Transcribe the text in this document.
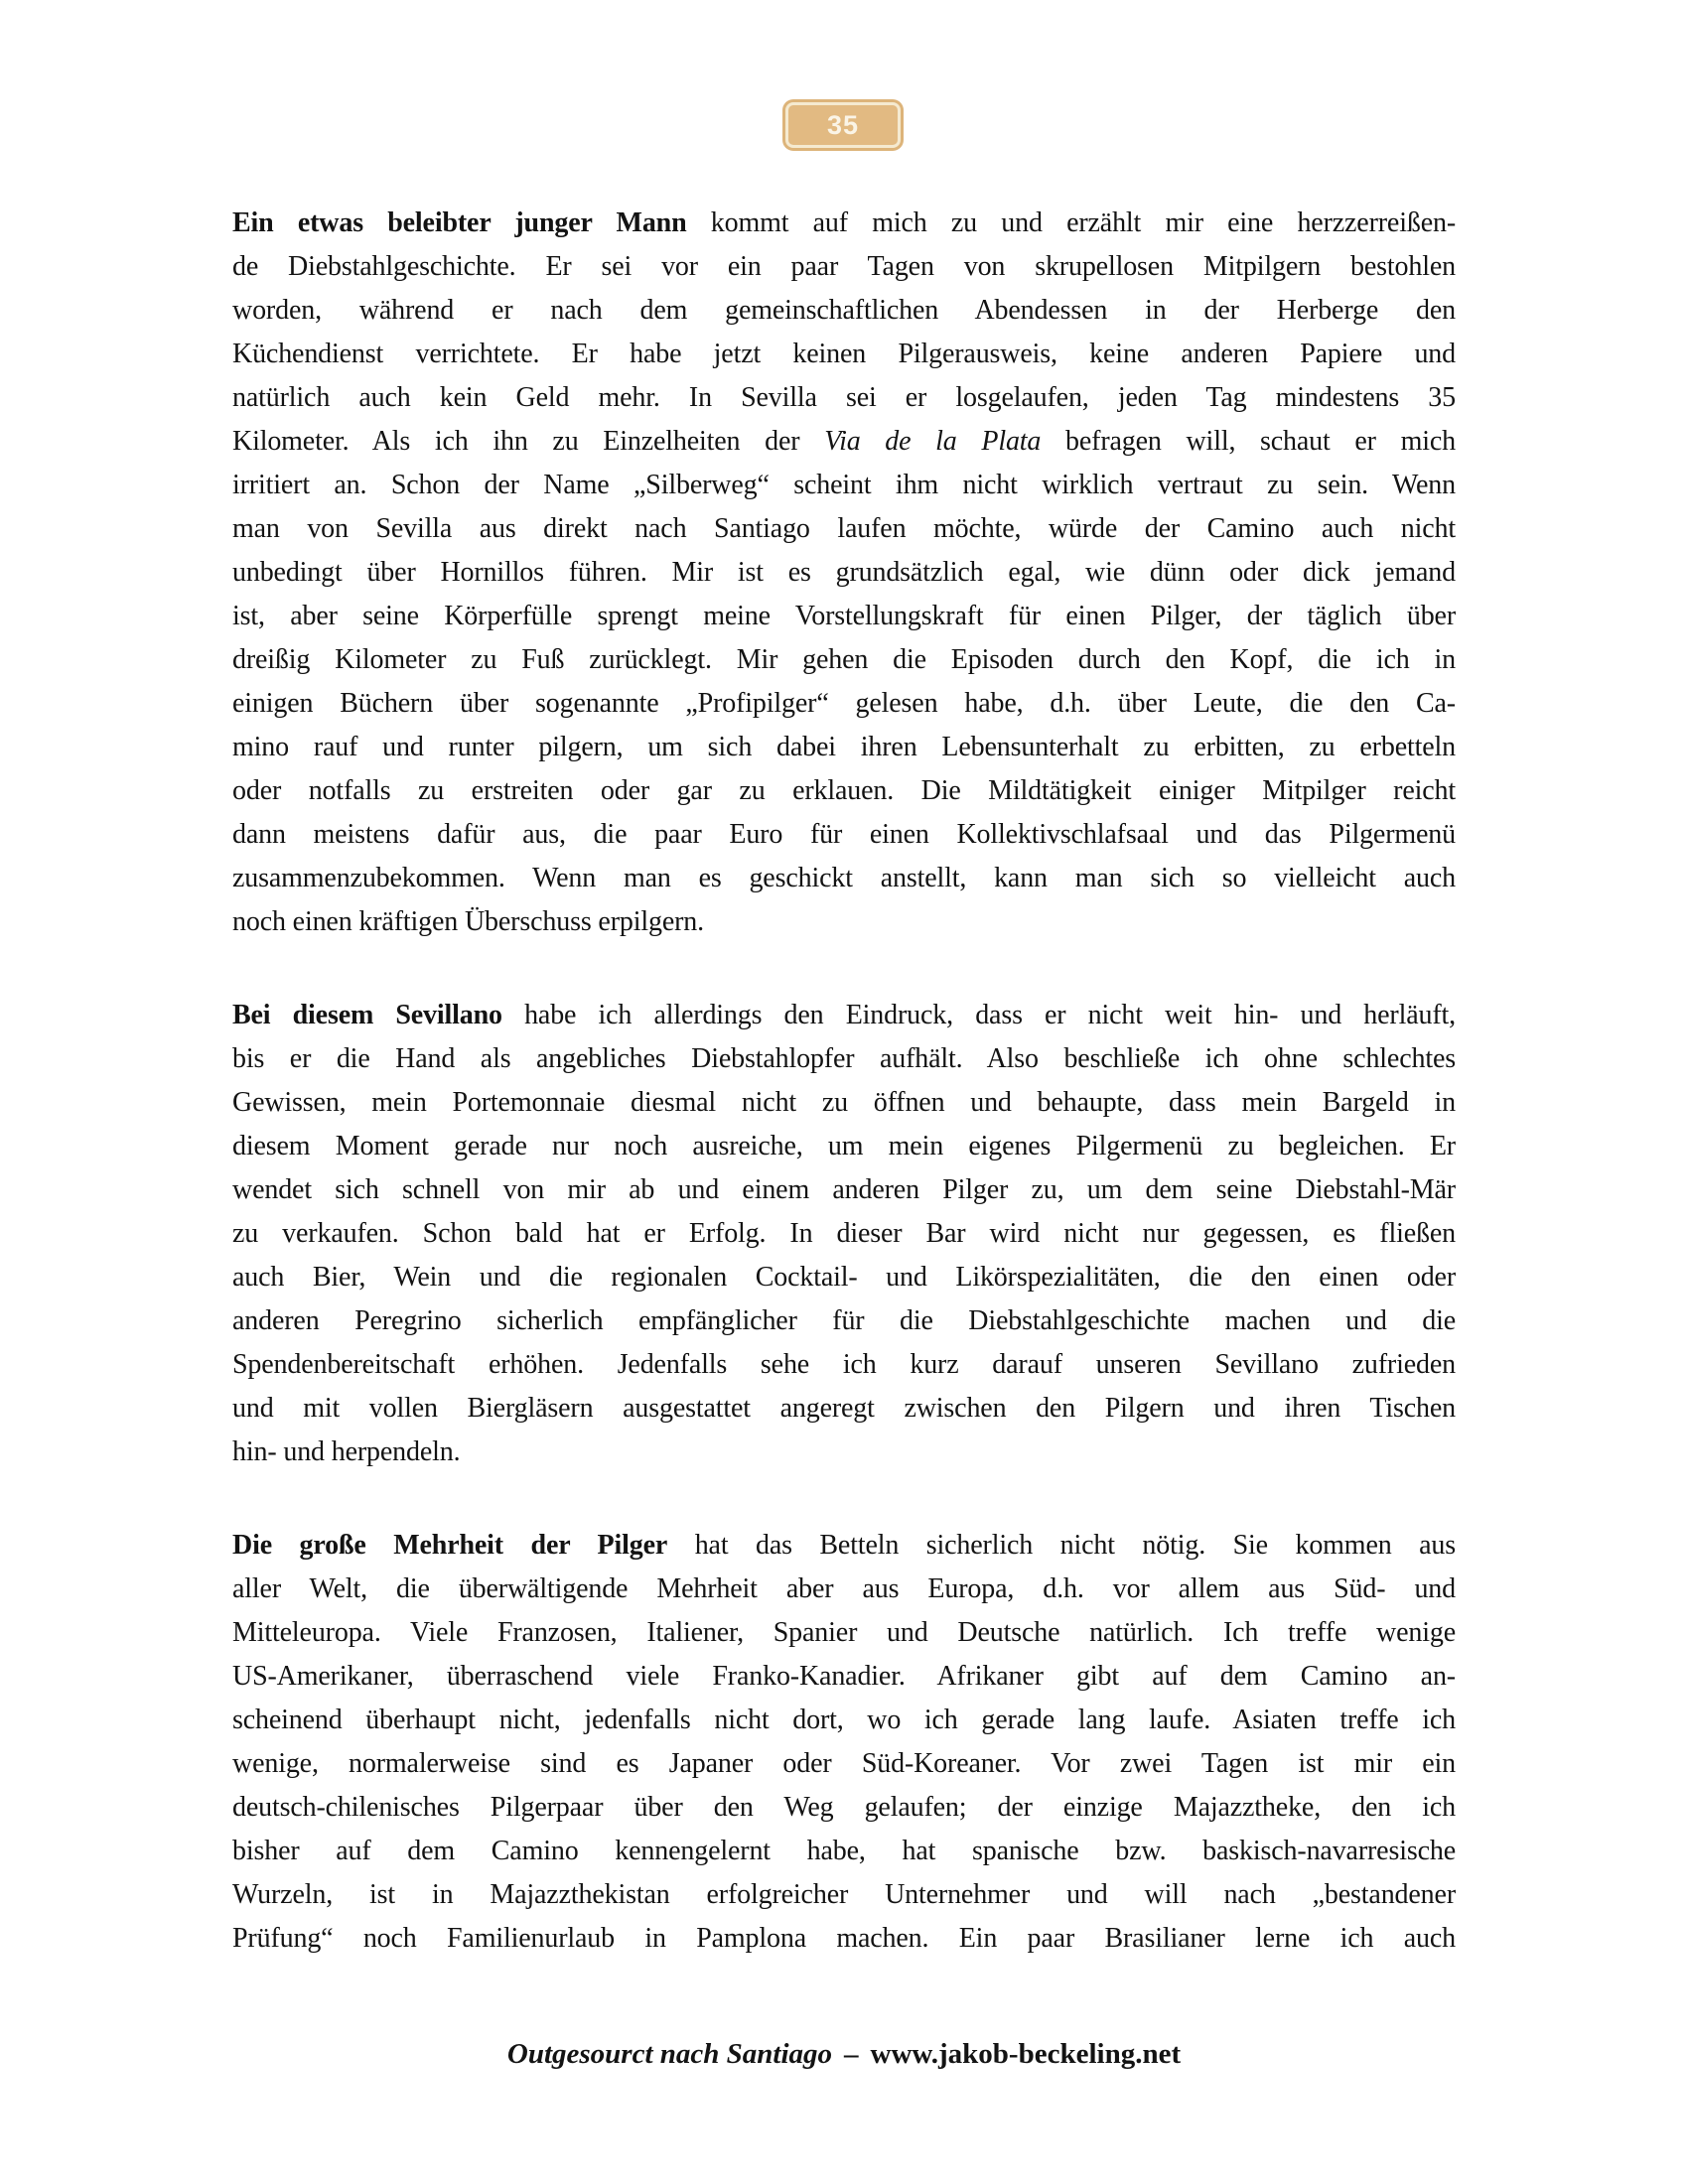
35
Ein etwas beleibter junger Mann kommt auf mich zu und erzählt mir eine herzzerreißen-
de Diebstahlgeschichte. Er sei vor ein paar Tagen von skrupellosen Mitpilgern bestohlen
worden, während er nach dem gemeinschaftlichen Abendessen in der Herberge den
Küchendienst verrichtete. Er habe jetzt keinen Pilgerausweis, keine anderen Papiere und
natürlich auch kein Geld mehr. In Sevilla sei er losgelaufen, jeden Tag mindestens 35
Kilometer. Als ich ihn zu Einzelheiten der Via de la Plata befragen will, schaut er mich
irritiert an. Schon der Name „Silberweg“ scheint ihm nicht wirklich vertraut zu sein. Wenn
man von Sevilla aus direkt nach Santiago laufen möchte, würde der Camino auch nicht
unbedingt über Hornillos führen. Mir ist es grundsätzlich egal, wie dünn oder dick jemand
ist, aber seine Körperfülle sprengt meine Vorstellungskraft für einen Pilger, der täglich über
dreißig Kilometer zu Fuß zurücklegt. Mir gehen die Episoden durch den Kopf, die ich in
einigen Büchern über sogenannte „Profipilger“ gelesen habe, d.h. über Leute, die den Ca-
mino rauf und runter pilgern, um sich dabei ihren Lebensunterhalt zu erbitten, zu erbetteln
oder notfalls zu erstreiten oder gar zu erklauen. Die Mildtätigkeit einiger Mitpilger reicht
dann meistens dafür aus, die paar Euro für einen Kollektivschlafsaal und das Pilgermenü
zusammenzubekommen. Wenn man es geschickt anstellt, kann man sich so vielleicht auch
noch einen kräftigen Überschuss erpilgern.
Bei diesem Sevillano habe ich allerdings den Eindruck, dass er nicht weit hin- und herläuft,
bis er die Hand als angebliches Diebstahlopfer aufhält. Also beschließe ich ohne schlechtes
Gewissen, mein Portemonnaie diesmal nicht zu öffnen und behaupte, dass mein Bargeld in
diesem Moment gerade nur noch ausreiche, um mein eigenes Pilgermenü zu begleichen. Er
wendet sich schnell von mir ab und einem anderen Pilger zu, um dem seine Diebstahl-Mär
zu verkaufen. Schon bald hat er Erfolg. In dieser Bar wird nicht nur gegessen, es fließen
auch Bier, Wein und die regionalen Cocktail- und Likörspezialitäten, die den einen oder
anderen Peregrino sicherlich empfänglicher für die Diebstahlgeschichte machen und die
Spendenbereitschaft erhöhen. Jedenfalls sehe ich kurz darauf unseren Sevillano zufrieden
und mit vollen Biergläsern ausgestattet angeregt zwischen den Pilgern und ihren Tischen
hin- und herpendeln.
Die große Mehrheit der Pilger hat das Betteln sicherlich nicht nötig. Sie kommen aus
aller Welt, die überwältigende Mehrheit aber aus Europa, d.h. vor allem aus Süd- und
Mitteleuropa. Viele Franzosen, Italiener, Spanier und Deutsche natürlich. Ich treffe wenige
US-Amerikaner, überraschend viele Franko-Kanadier. Afrikaner gibt auf dem Camino an-
scheinend überhaupt nicht, jedenfalls nicht dort, wo ich gerade lang laufe. Asiaten treffe ich
wenige, normalerweise sind es Japaner oder Süd-Koreaner. Vor zwei Tagen ist mir ein
deutsch-chilenisches Pilgerpaar über den Weg gelaufen; der einzige Majazztheke, den ich
bisher auf dem Camino kennengelernt habe, hat spanische bzw. baskisch-navarresische
Wurzeln, ist in Majazzthekistan erfolgreicher Unternehmer und will nach „bestandener
Prüfung“ noch Familienurlaub in Pamplona machen. Ein paar Brasilianer lerne ich auch
Outgesourct nach Santiago – www.jakob-beckeling.net
